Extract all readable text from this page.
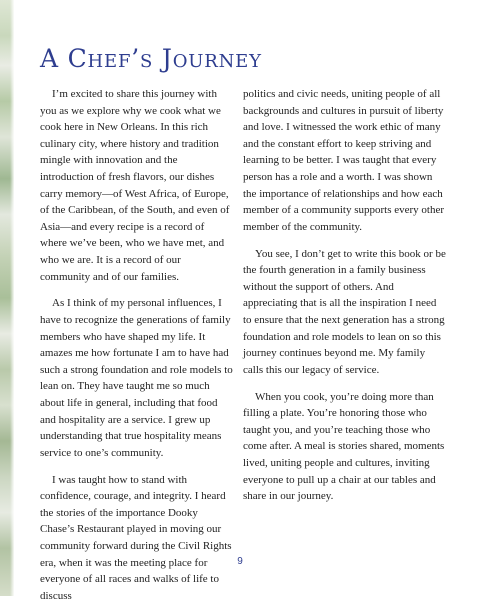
A Chef’s Journey

I’m excited to share this journey with you as we explore why we cook what we cook here in New Orleans. In this rich culinary city, where history and tradition mingle with innovation and the introduction of fresh flavors, our dishes carry memory—of West Africa, of Europe, of the Caribbean, of the South, and even of Asia—and every recipe is a record of where we’ve been, who we have met, and who we are. It is a record of our community and of our families.

As I think of my personal influences, I have to recognize the generations of family members who have shaped my life. It amazes me how fortunate I am to have had such a strong foundation and role models to lean on. They have taught me so much about life in general, including that food and hospitality are a service. I grew up understanding that true hospitality means service to one’s community.

I was taught how to stand with confidence, courage, and integrity. I heard the stories of the importance Dooky Chase’s Restaurant played in moving our community forward during the Civil Rights era, when it was the meeting place for everyone of all races and walks of life to discuss

politics and civic needs, uniting people of all backgrounds and cultures in pursuit of liberty and love. I witnessed the work ethic of many and the constant effort to keep striving and learning to be better. I was taught that every person has a role and a worth. I was shown the importance of relationships and how each member of a community supports every other member of the community.

You see, I don’t get to write this book or be the fourth generation in a family business without the support of others. And appreciating that is all the inspiration I need to ensure that the next generation has a strong foundation and role models to lean on so this journey continues beyond me. My family calls this our legacy of service.

When you cook, you’re doing more than filling a plate. You’re honoring those who taught you, and you’re teaching those who come after. A meal is stories shared, moments lived, uniting people and cultures, inviting everyone to pull up a chair at our tables and share in our journey.

9
